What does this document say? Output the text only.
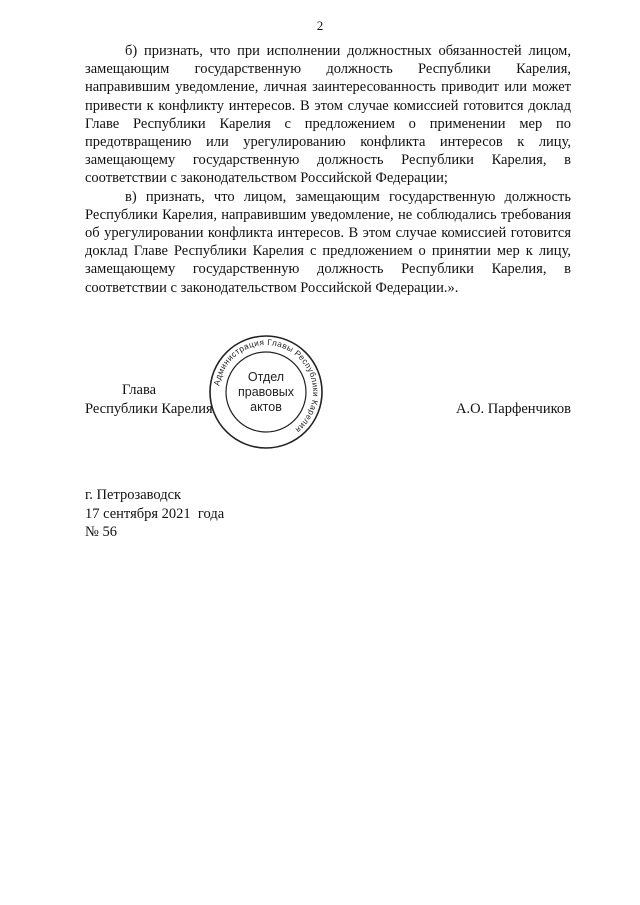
2

б) признать, что при исполнении должностных обязанностей лицом, замещающим государственную должность Республики Карелия, направившим уведомление, личная заинтересованность приводит или может привести к конфликту интересов. В этом случае комиссией готовится доклад Главе Республики Карелия с предложением о применении мер по предотвращению или урегулированию конфликта интересов к лицу, замещающему государственную должность Республики Карелия, в соответствии с законодательством Российской Федерации;

в) признать, что лицом, замещающим государственную должность Республики Карелия, направившим уведомление, не соблюдались требования об урегулировании конфликта интересов. В этом случае комиссией готовится доклад Главе Республики Карелия с предложением о принятии мер к лицу, замещающему государственную должность Республики Карелия, в соответствии с законодательством Российской Федерации.».

Глава
Республики Карелия	А.О. Парфенчиков
Администрация Главы Республики Карелия
Отдел
правовых
актов
г. Петрозаводск
17 сентября 2021  года
№ 56
